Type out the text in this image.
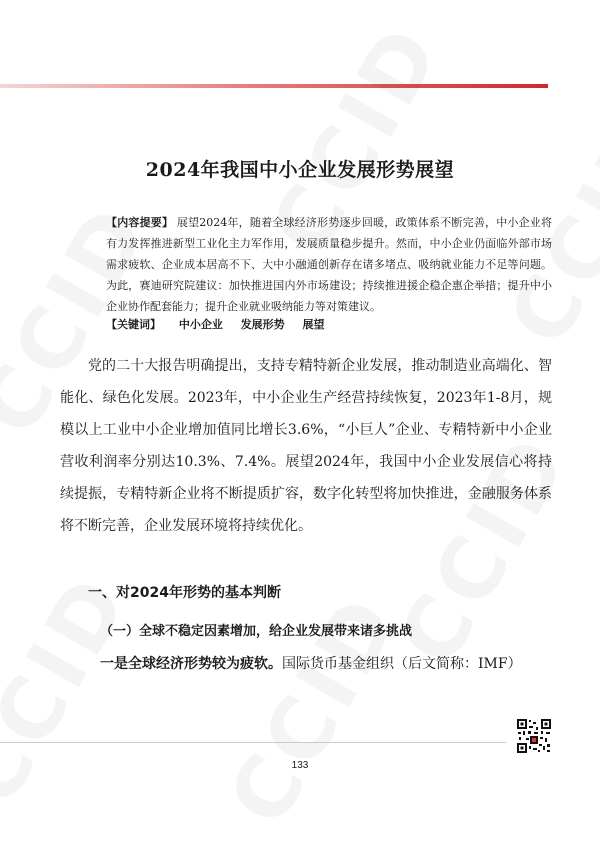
2024年我国中小企业发展形势展望
【内容提要】 展望2024年，随着全球经济形势逐步回暖，政策体系不断完善，中小企业将有力发挥推进新型工业化主力军作用，发展质量稳步提升。然而，中小企业仍面临外部市场需求疲软、企业成本居高不下、大中小融通创新存在诸多堵点、吸纳就业能力不足等问题。为此，赛迪研究院建议：加快推进国内外市场建设；持续推进援企稳企惠企举措；提升中小企业协作配套能力；提升企业就业吸纳能力等对策建议。
【关键词】 中小企业 发展形势 展望

党的二十大报告明确提出，支持专精特新企业发展，推动制造业高端化、智能化、绿色化发展。2023年，中小企业生产经营持续恢复，2023年1-8月，规模以上工业中小企业增加值同比增长3.6%，“小巨人”企业、专精特新中小企业营收利润率分别达10.3%、7.4%。展望2024年，我国中小企业发展信心将持续提振，专精特新企业将不断提质扩容，数字化转型将加快推进，金融服务体系将不断完善，企业发展环境将持续优化。

一、对2024年形势的基本判断
（一）全球不稳定因素增加，给企业发展带来诸多挑战
一是全球经济形势较为疲软。国际货币基金组织（后文简称：IMF）
133
